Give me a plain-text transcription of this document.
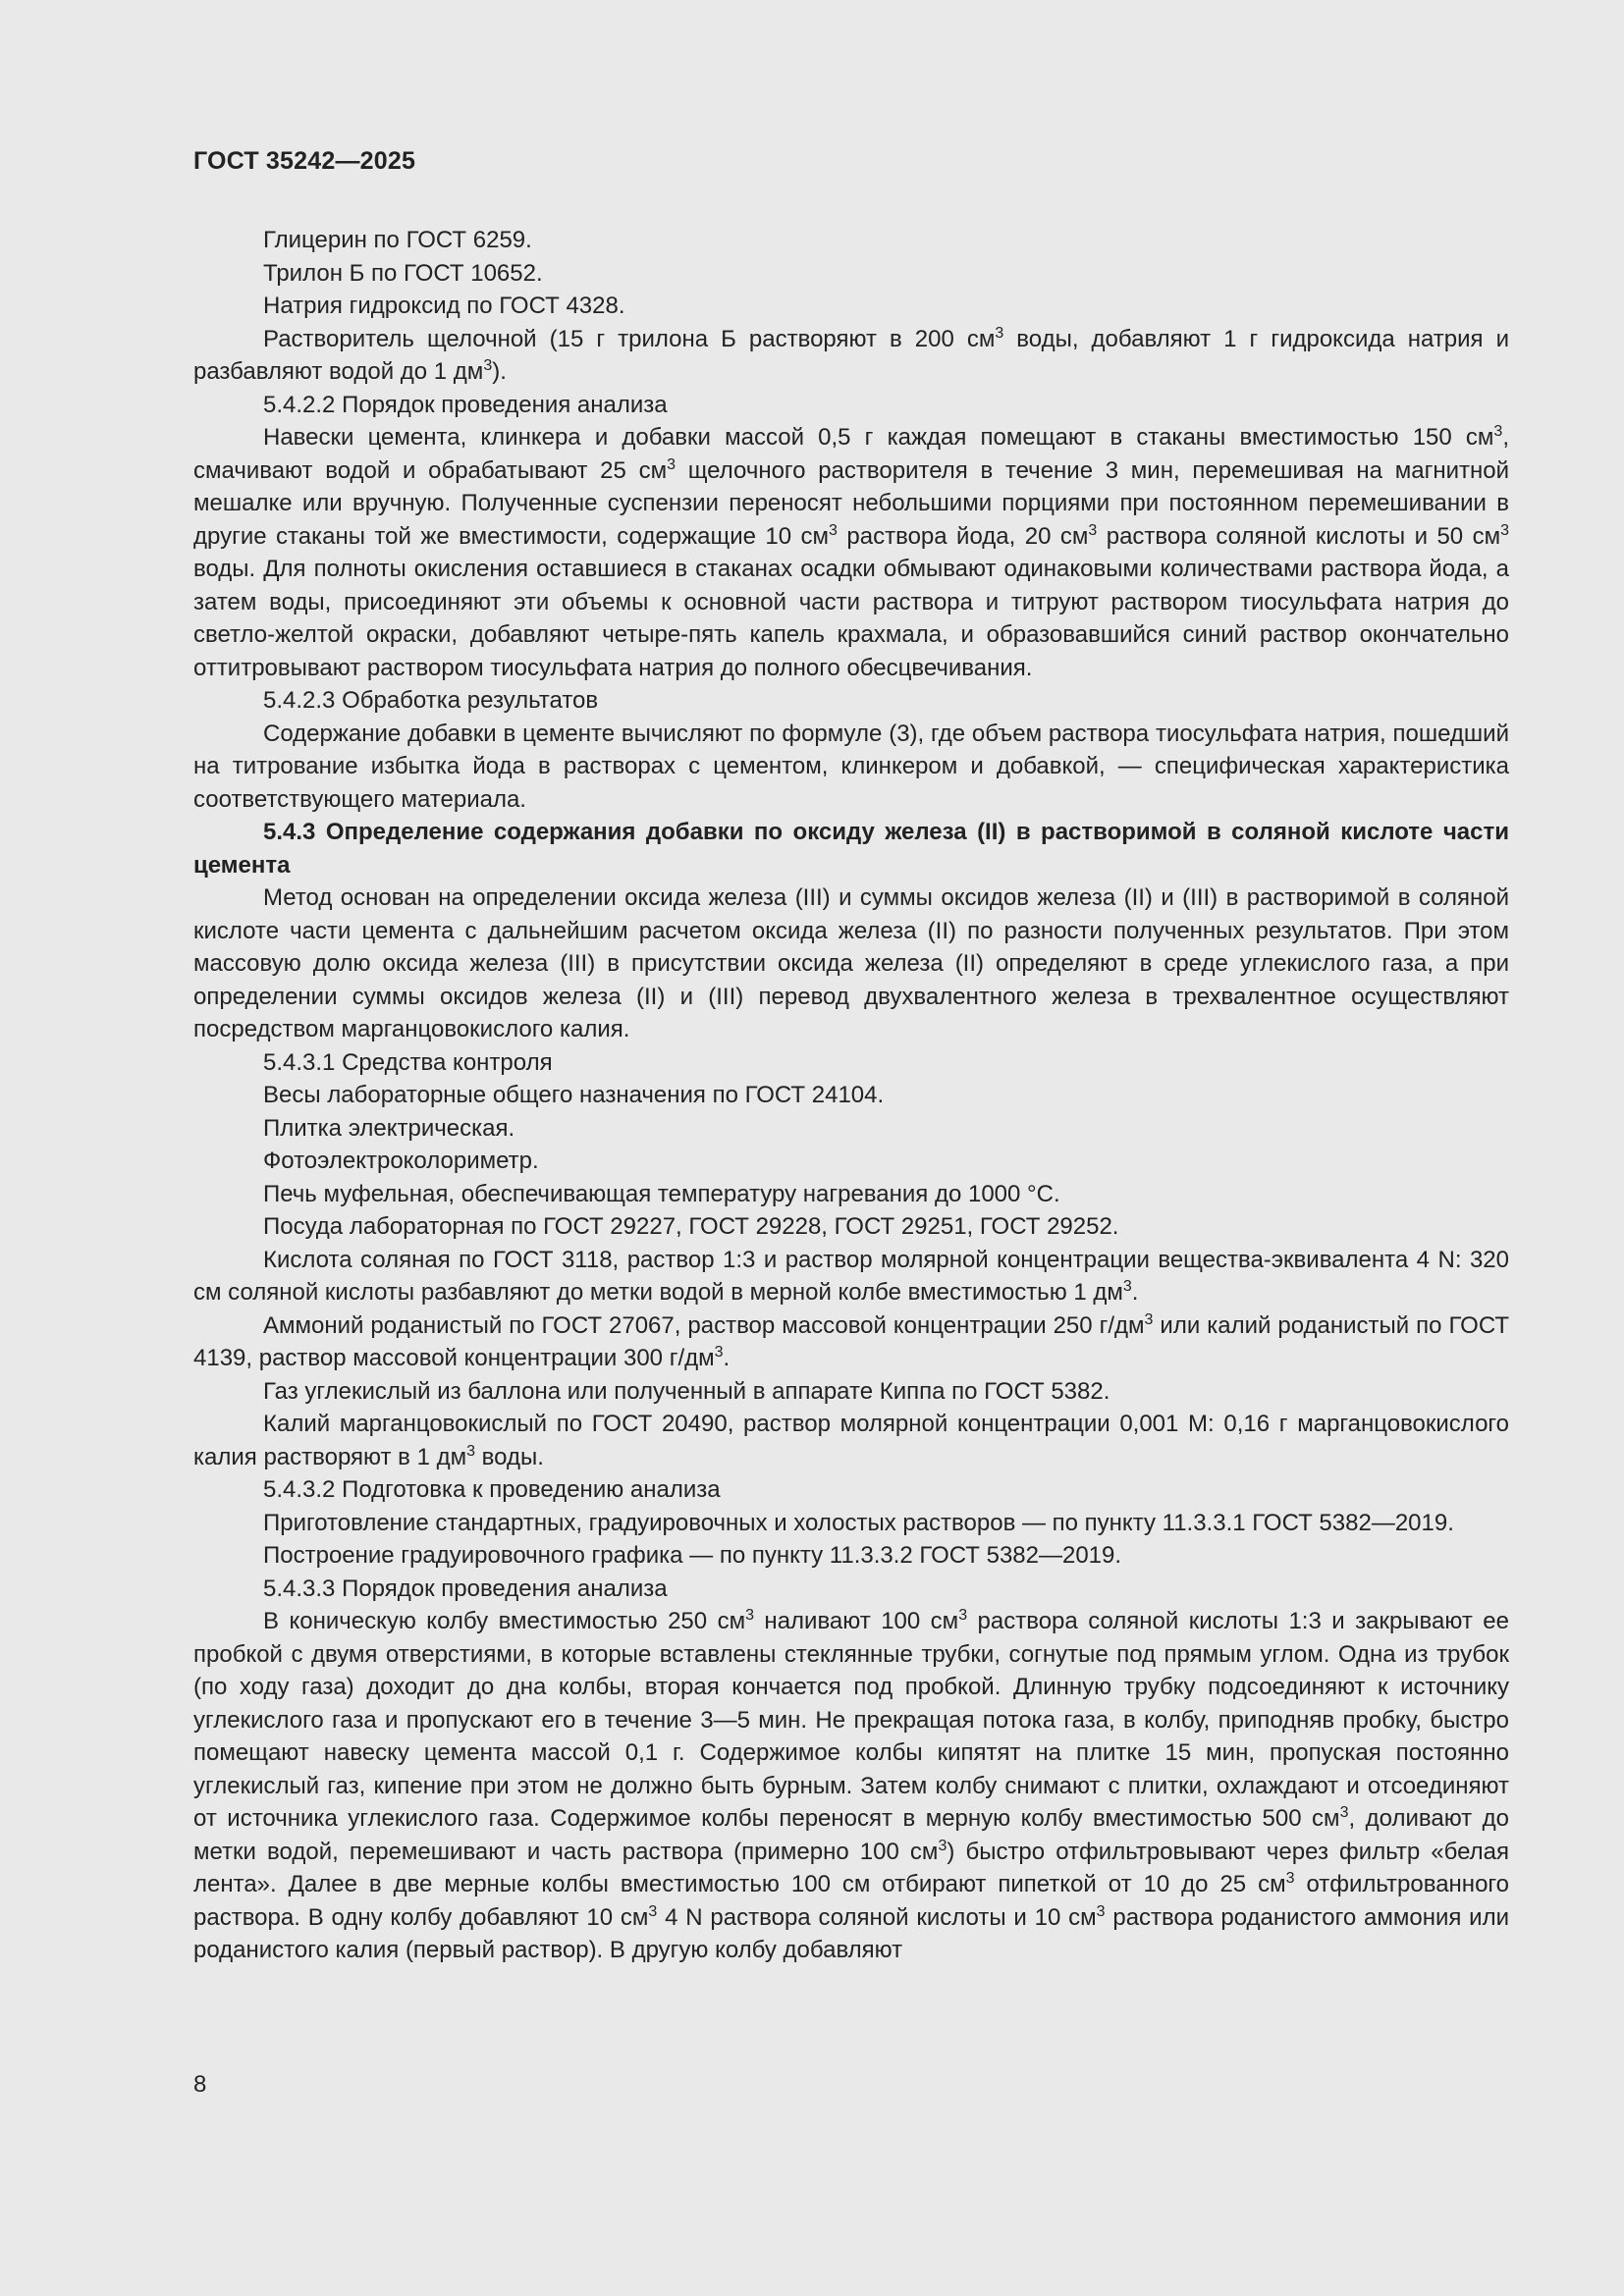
ГОСТ 35242—2025

Глицерин по ГОСТ 6259.

Трилон Б по ГОСТ 10652.

Натрия гидроксид по ГОСТ 4328.

Растворитель щелочной (15 г трилона Б растворяют в 200 $см^3$ воды, добавляют 1 г гидроксида натрия и разбавляют водой до 1 $дм^3$).

5.4.2.2 Порядок проведения анализа

Навески цемента, клинкера и добавки массой 0,5 г каждая помещают в стаканы вместимостью 150 $см^3$, смачивают водой и обрабатывают 25 $см^3$ щелочного растворителя в течение 3 мин, перемешивая на магнитной мешалке или вручную. Полученные суспензии переносят небольшими порциями при постоянном перемешивании в другие стаканы той же вместимости, содержащие 10 $см^3$ раствора йода, 20 $см^3$ раствора соляной кислоты и 50 $см^3$ воды. Для полноты окисления оставшиеся в стаканах осадки обмывают одинаковыми количествами раствора йода, а затем воды, присоединяют эти объемы к основной части раствора и титруют раствором тиосульфата натрия до светло-желтой окраски, добавляют четыре-пять капель крахмала, и образовавшийся синий раствор окончательно оттитровывают раствором тиосульфата натрия до полного обесцвечивания.

5.4.2.3 Обработка результатов

Содержание добавки в цементе вычисляют по формуле (3), где объем раствора тиосульфата натрия, пошедший на титрование избытка йода в растворах с цементом, клинкером и добавкой, — специфическая характеристика соответствующего материала.

5.4.3 Определение содержания добавки по оксиду железа (II) в растворимой в соляной кислоте части цемента

Метод основан на определении оксида железа (III) и суммы оксидов железа (II) и (III) в растворимой в соляной кислоте части цемента с дальнейшим расчетом оксида железа (II) по разности полученных результатов. При этом массовую долю оксида железа (III) в присутствии оксида железа (II) определяют в среде углекислого газа, а при определении суммы оксидов железа (II) и (III) перевод двухвалентного железа в трехвалентное осуществляют посредством марганцовокислого калия.

5.4.3.1 Средства контроля

Весы лабораторные общего назначения по ГОСТ 24104.

Плитка электрическая.

Фотоэлектроколориметр.

Печь муфельная, обеспечивающая температуру нагревания до 1000 °C.

Посуда лабораторная по ГОСТ 29227, ГОСТ 29228, ГОСТ 29251, ГОСТ 29252.

Кислота соляная по ГОСТ 3118, раствор 1:3 и раствор молярной концентрации вещества-эквивалента 4 N: 320 см соляной кислоты разбавляют до метки водой в мерной колбе вместимостью 1 $дм^3$.

Аммоний роданистый по ГОСТ 27067, раствор массовой концентрации 250 $г/дм^3$ или калий роданистый по ГОСТ 4139, раствор массовой концентрации 300 $г/дм^3$.

Газ углекислый из баллона или полученный в аппарате Киппа по ГОСТ 5382.

Калий марганцовокислый по ГОСТ 20490, раствор молярной концентрации 0,001 М: 0,16 г марганцовокислого калия растворяют в 1 $дм^3$ воды.

5.4.3.2 Подготовка к проведению анализа

Приготовление стандартных, градуировочных и холостых растворов — по пункту 11.3.3.1 ГОСТ 5382—2019.

Построение градуировочного графика — по пункту 11.3.3.2 ГОСТ 5382—2019.

5.4.3.3 Порядок проведения анализа

В коническую колбу вместимостью 250 $см^3$ наливают 100 $см^3$ раствора соляной кислоты 1:3 и закрывают ее пробкой с двумя отверстиями, в которые вставлены стеклянные трубки, согнутые под прямым углом. Одна из трубок (по ходу газа) доходит до дна колбы, вторая кончается под пробкой. Длинную трубку подсоединяют к источнику углекислого газа и пропускают его в течение 3—5 мин. Не прекращая потока газа, в колбу, приподняв пробку, быстро помещают навеску цемента массой 0,1 г. Содержимое колбы кипятят на плитке 15 мин, пропуская постоянно углекислый газ, кипение при этом не должно быть бурным. Затем колбу снимают с плитки, охлаждают и отсоединяют от источника углекислого газа. Содержимое колбы переносят в мерную колбу вместимостью 500 $см^3$, доливают до метки водой, перемешивают и часть раствора (примерно 100 $см^3$) быстро отфильтровывают через фильтр «белая лента». Далее в две мерные колбы вместимостью 100 см отбирают пипеткой от 10 до 25 $см^3$ отфильтрованного раствора. В одну колбу добавляют 10 $см^3$ 4 N раствора соляной кислоты и 10 $см^3$ раствора роданистого аммония или роданистого калия (первый раствор). В другую колбу добавляют

8
